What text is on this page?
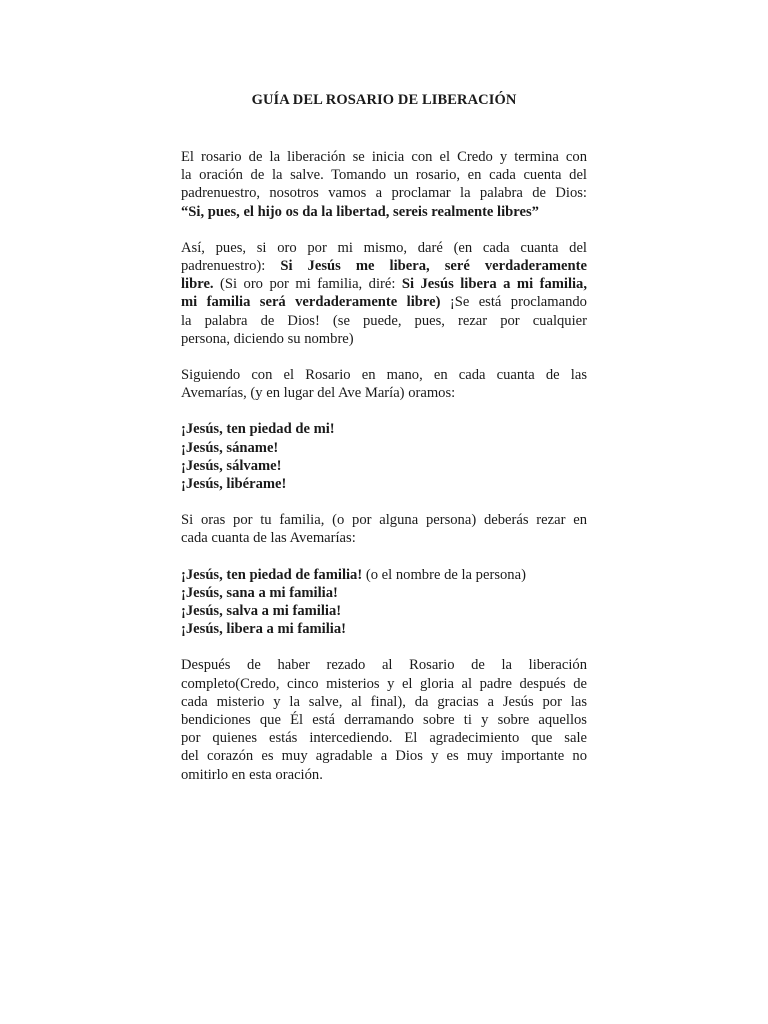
GUÍA DEL ROSARIO DE LIBERACIÓN
El rosario de la liberación se inicia con el Credo y termina con
la oración de la salve. Tomando un rosario, en cada cuenta del
padrenuestro, nosotros vamos a proclamar la palabra de Dios:
“Si, pues, el hijo os da la libertad, sereis realmente libres”
Así, pues, si oro por mi mismo, daré (en cada cuanta del
padrenuestro): Si Jesús me libera, seré verdaderamente
libre. (Si oro por mi familia, diré: Si Jesús libera a mi familia,
mi familia será verdaderamente libre) ¡Se está proclamando
la palabra de Dios! (se puede, pues, rezar por cualquier
persona, diciendo su nombre)
Siguiendo con el Rosario en mano, en cada cuanta de las
Avemarías, (y en lugar del Ave María) oramos:
¡Jesús, ten piedad de mi!
¡Jesús, sáname!
¡Jesús, sálvame!
¡Jesús, libérame!
Si oras por tu familia, (o por alguna persona) deberás rezar en
cada cuanta de las Avemarías:
¡Jesús, ten piedad de familia! (o el nombre de la persona)
¡Jesús, sana a mi familia!
¡Jesús, salva a mi familia!
¡Jesús, libera a mi familia!
Después de haber rezado al Rosario de la liberación
completo(Credo, cinco misterios y el gloria al padre después de
cada misterio y la salve, al final), da gracias a Jesús por las
bendiciones que Él está derramando sobre ti y sobre aquellos
por quienes estás intercediendo. El agradecimiento que sale
del corazón es muy agradable a Dios y es muy importante no
omitirlo en esta oración.
